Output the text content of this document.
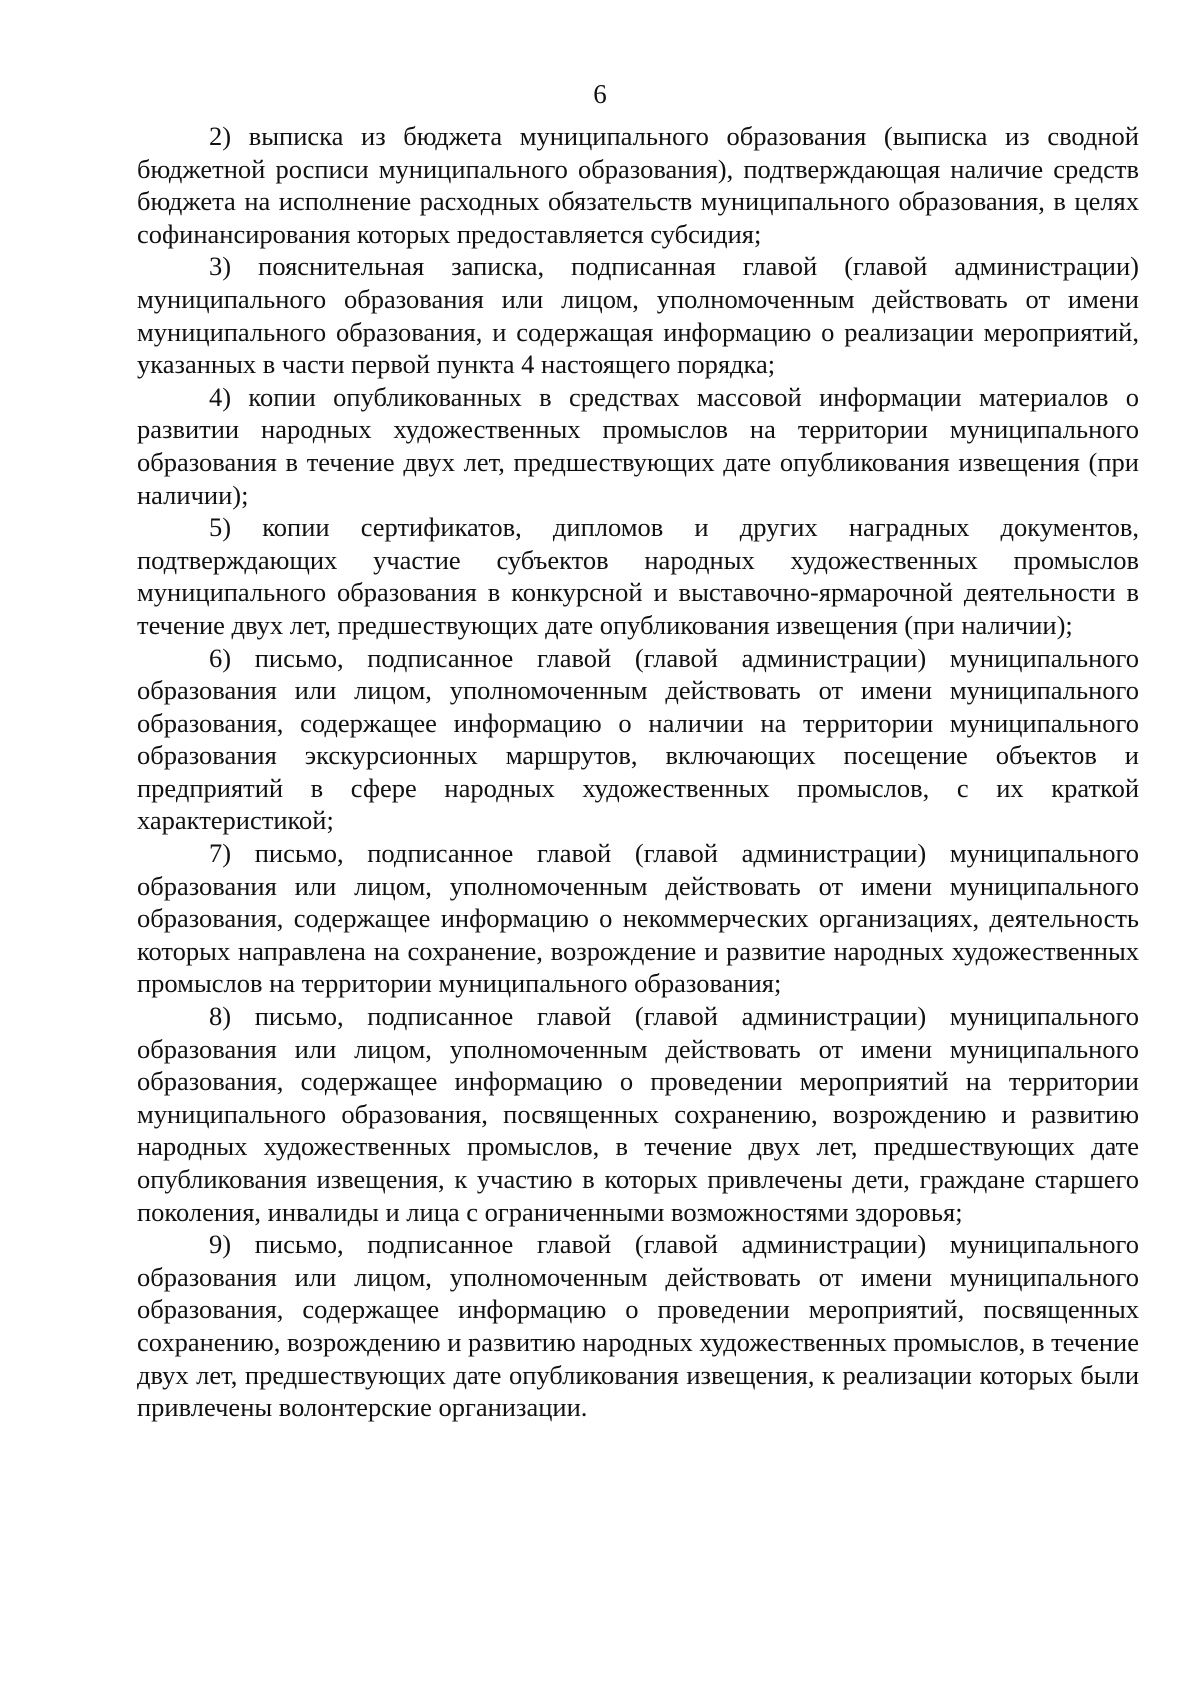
6

2) выписка из бюджета муниципального образования (выписка из сводной бюджетной росписи муниципального образования), подтверждающая наличие средств бюджета на исполнение расходных обязательств муниципального образования, в целях софинансирования которых предоставляется субсидия;

3) пояснительная записка, подписанная главой (главой администрации) муниципального образования или лицом, уполномоченным действовать от имени муниципального образования, и содержащая информацию о реализации мероприятий, указанных в части первой пункта 4 настоящего порядка;

4) копии опубликованных в средствах массовой информации материалов о развитии народных художественных промыслов на территории муниципального образования в течение двух лет, предшествующих дате опубликования извещения (при наличии);

5) копии сертификатов, дипломов и других наградных документов, подтверждающих участие субъектов народных художественных промыслов муниципального образования в конкурсной и выставочно-ярмарочной деятельности в течение двух лет, предшествующих дате опубликования извещения (при наличии);

6) письмо, подписанное главой (главой администрации) муниципального образования или лицом, уполномоченным действовать от имени муниципального образования, содержащее информацию о наличии на территории муниципального образования экскурсионных маршрутов, включающих посещение объектов и предприятий в сфере народных художественных промыслов, с их краткой характеристикой;

7) письмо, подписанное главой (главой администрации) муниципального образования или лицом, уполномоченным действовать от имени муниципального образования, содержащее информацию о некоммерческих организациях, деятельность которых направлена на сохранение, возрождение и развитие народных художественных промыслов на территории муниципального образования;

8) письмо, подписанное главой (главой администрации) муниципального образования или лицом, уполномоченным действовать от имени муниципального образования, содержащее информацию о проведении мероприятий на территории муниципального образования, посвященных сохранению, возрождению и развитию народных художественных промыслов, в течение двух лет, предшествующих дате опубликования извещения, к участию в которых привлечены дети, граждане старшего поколения, инвалиды и лица с ограниченными возможностями здоровья;

9) письмо, подписанное главой (главой администрации) муниципального образования или лицом, уполномоченным действовать от имени муниципального образования, содержащее информацию о проведении мероприятий, посвященных сохранению, возрождению и развитию народных художественных промыслов, в течение двух лет, предшествующих дате опубликования извещения, к реализации которых были привлечены волонтерские организации.
